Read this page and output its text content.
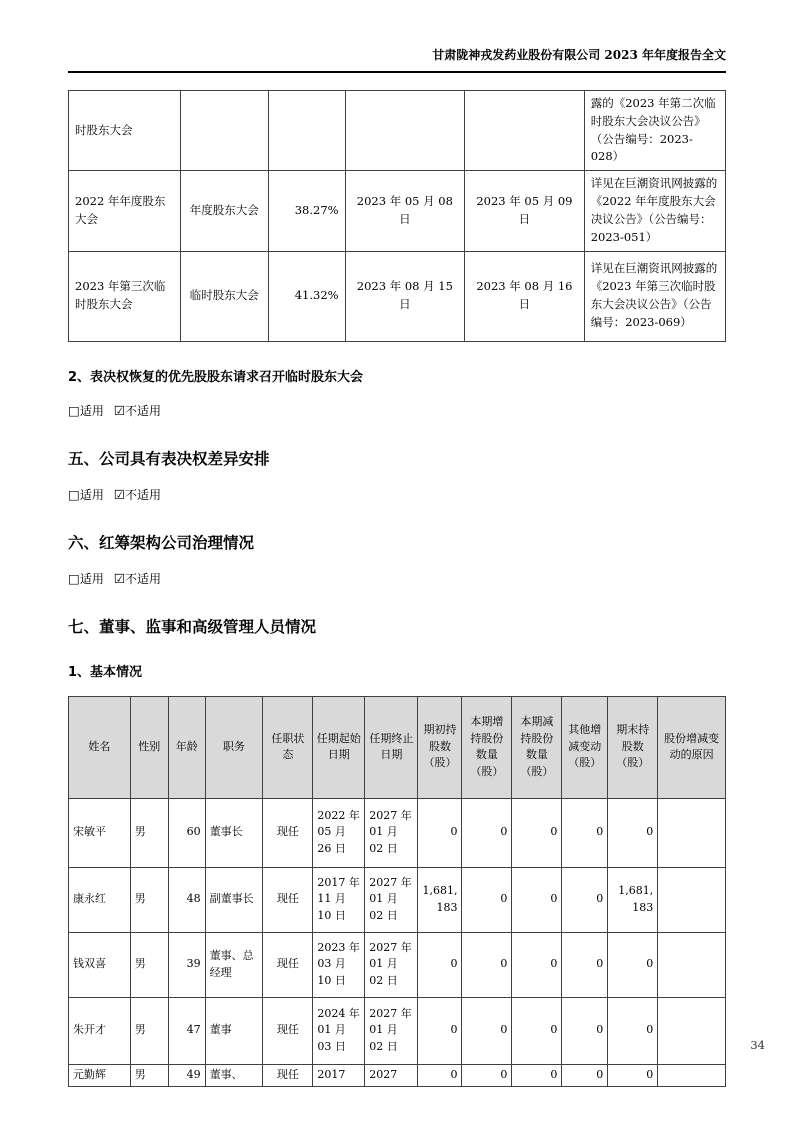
甘肃陇神戎发药业股份有限公司 2023 年年度报告全文
时股东大会					露的《2023 年第二次临时股东大会决议公告》（公告编号：2023-028）
2022 年年度股东大会	年度股东大会	38.27%	2023 年 05 月 08 日	2023 年 05 月 09 日	详见在巨潮资讯网披露的《2022 年年度股东大会决议公告》（公告编号：2023-051）
2023 年第三次临时股东大会	临时股东大会	41.32%	2023 年 08 月 15 日	2023 年 08 月 16 日	详见在巨潮资讯网披露的《2023 年第三次临时股东大会决议公告》（公告编号：2023-069）
2、表决权恢复的优先股股东请求召开临时股东大会

□适用 ☑不适用

五、公司具有表决权差异安排

□适用 ☑不适用

六、红筹架构公司治理情况

□适用 ☑不适用

七、董事、监事和高级管理人员情况
1、基本情况
姓名	性别	年龄	职务	任职状态	任期起始日期	任期终止日期	期初持股数（股）	本期增持股份数量（股）	本期减持股份数量（股）	其他增减变动（股）	期末持股数（股）	股份增减变动的原因
宋敏平	男	60	董事长	现任	2022 年 05 月 26 日	2027 年 01 月 02 日	0	0	0	0	0	
康永红	男	48	副董事长	现任	2017 年 11 月 10 日	2027 年 01 月 02 日	1,681,183	0	0	0	1,681,183	
钱双喜	男	39	董事、总经理	现任	2023 年 03 月 10 日	2027 年 01 月 02 日	0	0	0	0	0	
朱开才	男	47	董事	现任	2024 年 01 月 03 日	2027 年 01 月 02 日	0	0	0	0	0	
元勤辉	男	49	董事、	现任	2017	2027	0	0	0	0	0	
34
